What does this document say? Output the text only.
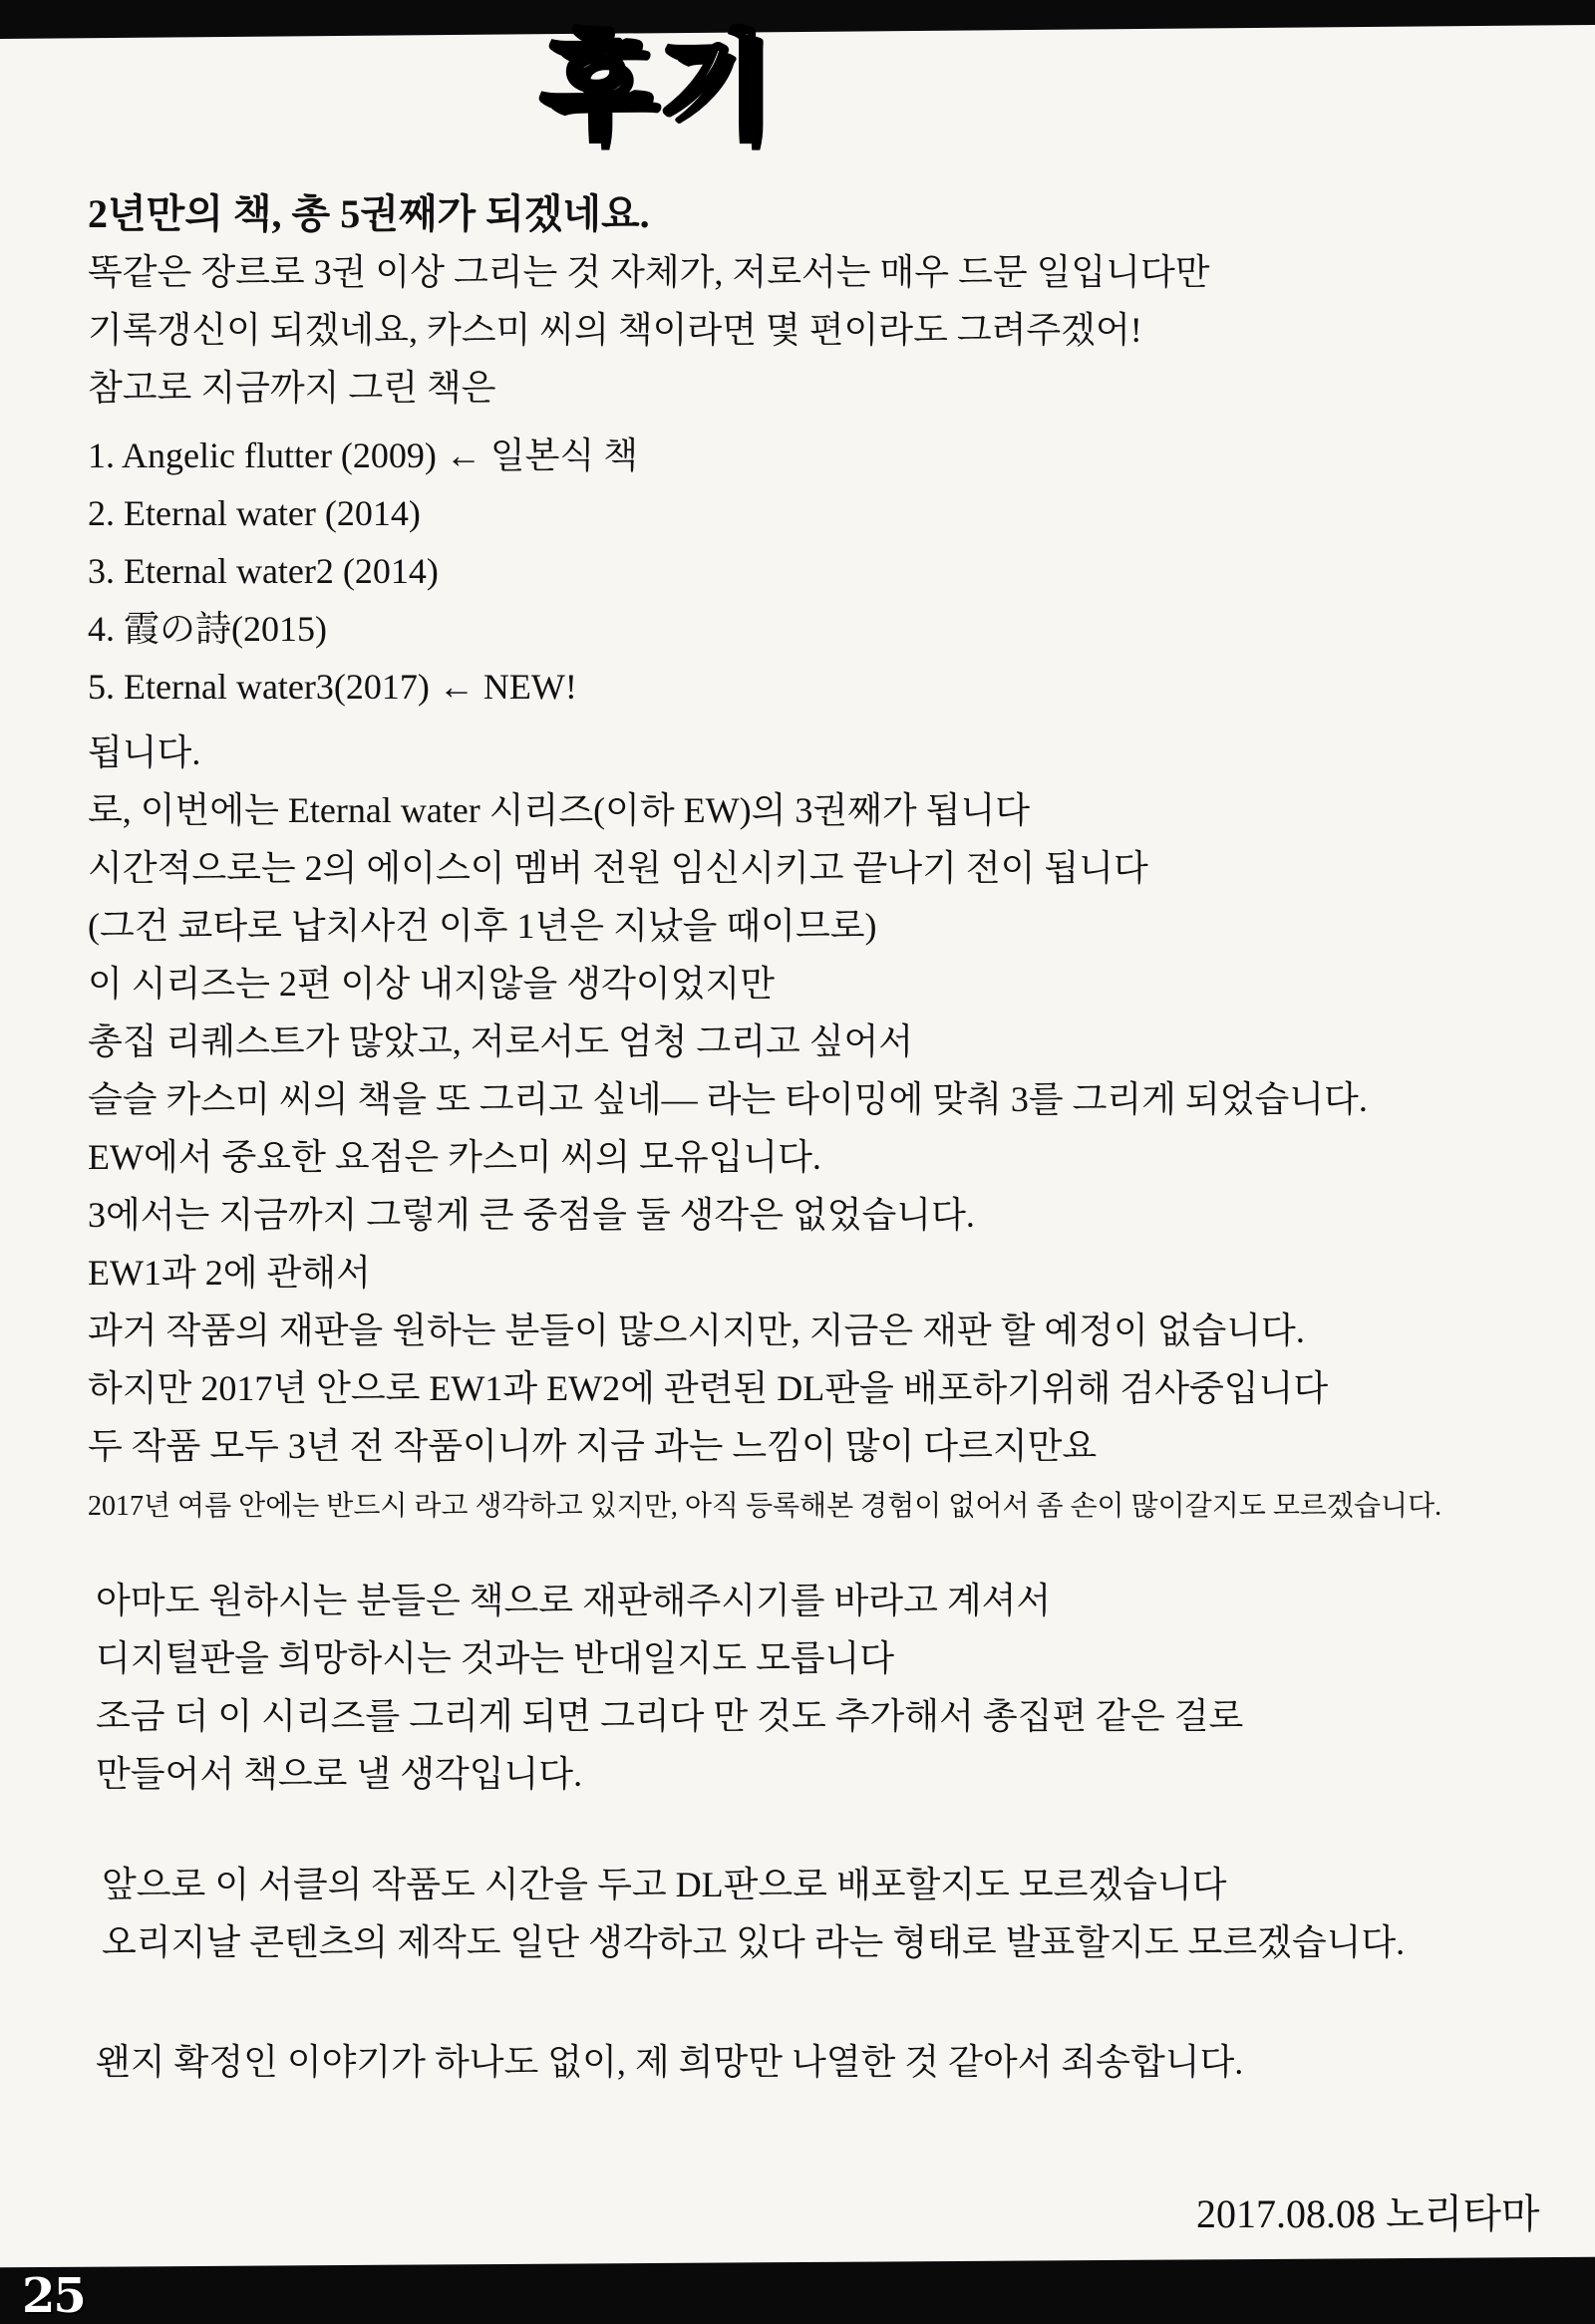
후기
2년만의 책, 총 5권째가 되겠네요.
똑같은 장르로 3권 이상 그리는 것 자체가, 저로서는 매우 드문 일입니다만
기록갱신이 되겠네요, 카스미 씨의 책이라면 몇 편이라도 그려주겠어!
참고로 지금까지 그린 책은
1. Angelic flutter (2009) ← 일본식 책
2. Eternal water (2014)
3. Eternal water2 (2014)
4. 霞の詩(2015)
5. Eternal water3(2017) ← NEW!
됩니다.
로, 이번에는 Eternal water 시리즈(이하 EW)의 3권째가 됩니다
시간적으로는 2의 에이스이 멤버 전원 임신시키고 끝나기 전이 됩니다
(그건 쿄타로 납치사건 이후 1년은 지났을 때이므로)
이 시리즈는 2편 이상 내지않을 생각이었지만
총집 리퀘스트가 많았고, 저로서도 엄청 그리고 싶어서
슬슬 카스미 씨의 책을 또 그리고 싶네— 라는 타이밍에 맞춰 3를 그리게 되었습니다.
EW에서 중요한 요점은 카스미 씨의 모유입니다.
3에서는 지금까지 그렇게 큰 중점을 둘 생각은 없었습니다.
EW1과 2에 관해서
과거 작품의 재판을 원하는 분들이 많으시지만, 지금은 재판 할 예정이 없습니다.
하지만 2017년 안으로 EW1과 EW2에 관련된 DL판을 배포하기위해 검사중입니다
두 작품 모두 3년 전 작품이니까 지금 과는 느낌이 많이 다르지만요
2017년 여름 안에는 반드시 라고 생각하고 있지만, 아직 등록해본 경험이 없어서 좀 손이 많이갈지도 모르겠습니다.
아마도 원하시는 분들은 책으로 재판해주시기를 바라고 계셔서
디지털판을 희망하시는 것과는 반대일지도 모릅니다
조금 더 이 시리즈를 그리게 되면 그리다 만 것도 추가해서 총집편 같은 걸로
만들어서 책으로 낼 생각입니다.
앞으로 이 서클의 작품도 시간을 두고 DL판으로 배포할지도 모르겠습니다
오리지날 콘텐츠의 제작도 일단 생각하고 있다 라는 형태로 발표할지도 모르겠습니다.
왠지 확정인 이야기가 하나도 없이, 제 희망만 나열한 것 같아서 죄송합니다.
2017.08.08 노리타마
25
